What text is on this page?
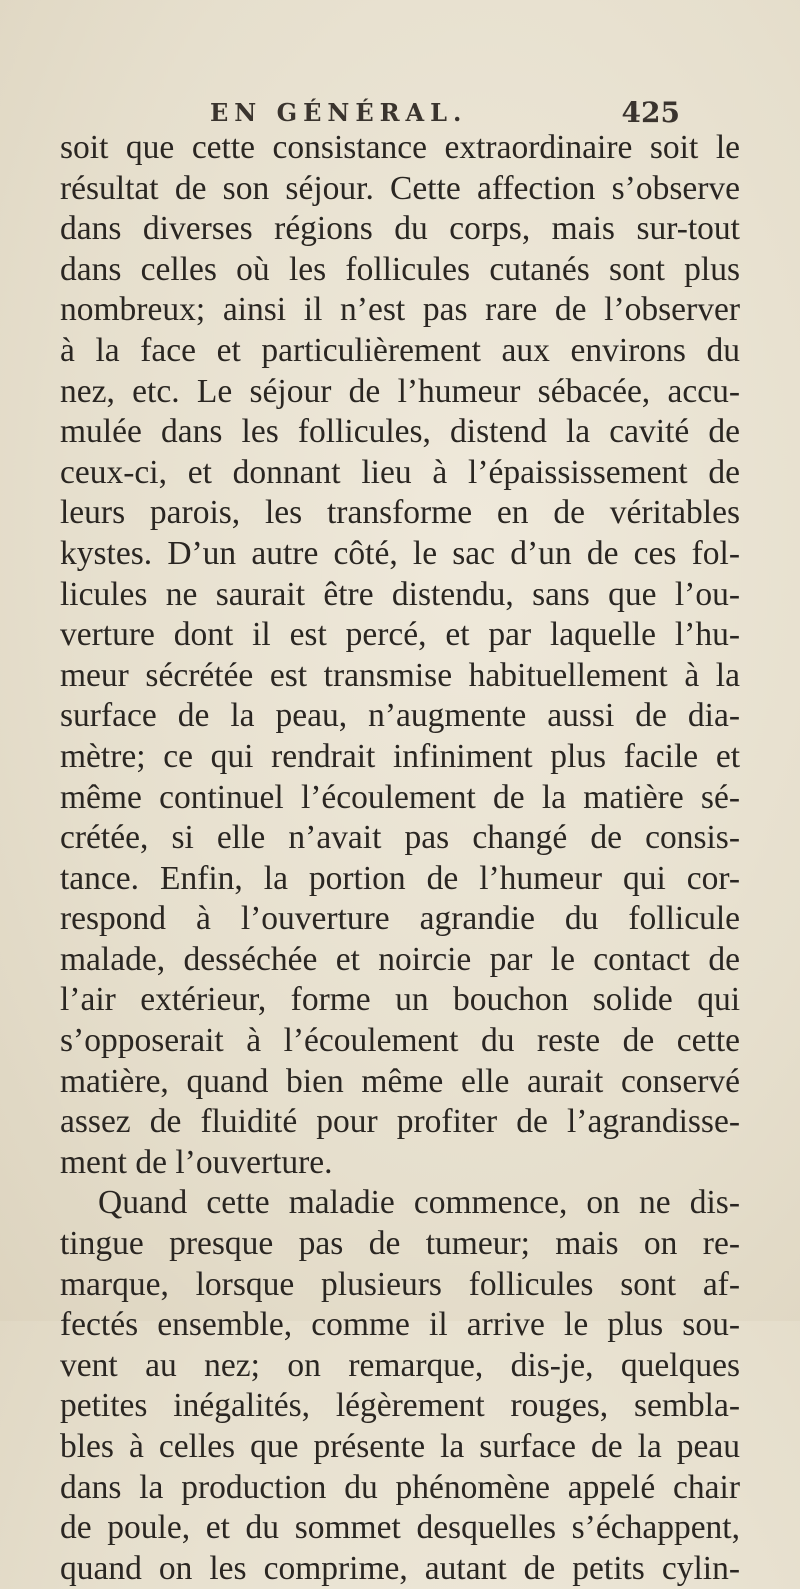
EN GÉNÉRAL.	425
soit que cette consistance extraordinaire soit le
résultat de son séjour. Cette affection s’observe
dans diverses régions du corps, mais sur-tout
dans celles où les follicules cutanés sont plus
nombreux; ainsi il n’est pas rare de l’observer
à la face et particulièrement aux environs du
nez, etc. Le séjour de l’humeur sébacée, accu-
mulée dans les follicules, distend la cavité de
ceux-ci, et donnant lieu à l’épaississement de
leurs parois, les transforme en de véritables
kystes. D’un autre côté, le sac d’un de ces fol-
licules ne saurait être distendu, sans que l’ou-
verture dont il est percé, et par laquelle l’hu-
meur sécrétée est transmise habituellement à la
surface de la peau, n’augmente aussi de dia-
mètre; ce qui rendrait infiniment plus facile et
même continuel l’écoulement de la matière sé-
crétée, si elle n’avait pas changé de consis-
tance. Enfin, la portion de l’humeur qui cor-
respond à l’ouverture agrandie du follicule
malade, desséchée et noircie par le contact de
l’air extérieur, forme un bouchon solide qui
s’opposerait à l’écoulement du reste de cette
matière, quand bien même elle aurait conservé
assez de fluidité pour profiter de l’agrandisse-
ment de l’ouverture.
Quand cette maladie commence, on ne dis-
tingue presque pas de tumeur; mais on re-
marque, lorsque plusieurs follicules sont af-
fectés ensemble, comme il arrive le plus sou-
vent au nez; on remarque, dis-je, quelques
petites inégalités, légèrement rouges, sembla-
bles à celles que présente la surface de la peau
dans la production du phénomène appelé chair
de poule, et du sommet desquelles s’échappent,
quand on les comprime, autant de petits cylin-
